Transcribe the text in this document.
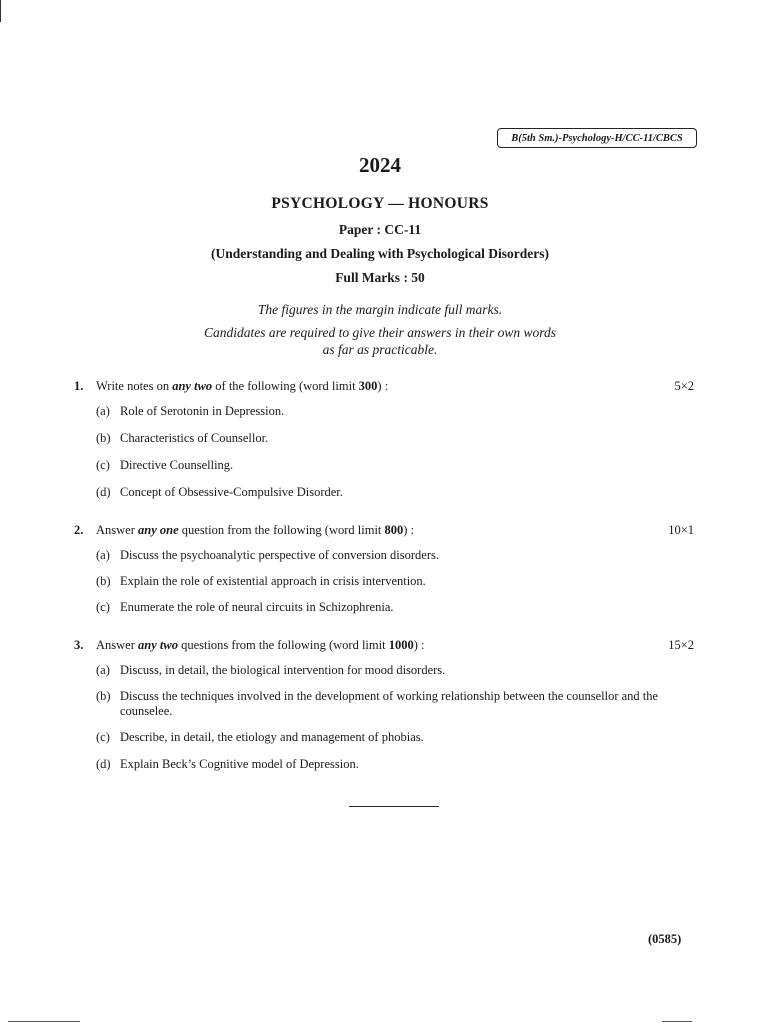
B(5th Sm.)-Psychology-H/CC-11/CBCS
2024
PSYCHOLOGY — HONOURS
Paper : CC-11
(Understanding and Dealing with Psychological Disorders)
Full Marks : 50
The figures in the margin indicate full marks.
Candidates are required to give their answers in their own words
as far as practicable.
1. Write notes on any two of the following (word limit 300) :	5×2
(a) Role of Serotonin in Depression.
(b) Characteristics of Counsellor.
(c) Directive Counselling.
(d) Concept of Obsessive-Compulsive Disorder.
2. Answer any one question from the following (word limit 800) :	10×1
(a) Discuss the psychoanalytic perspective of conversion disorders.
(b) Explain the role of existential approach in crisis intervention.
(c) Enumerate the role of neural circuits in Schizophrenia.
3. Answer any two questions from the following (word limit 1000) :	15×2
(a) Discuss, in detail, the biological intervention for mood disorders.
(b) Discuss the techniques involved in the development of working relationship between the counsellor and the counselee.
(c) Describe, in detail, the etiology and management of phobias.
(d) Explain Beck’s Cognitive model of Depression.
(0585)
